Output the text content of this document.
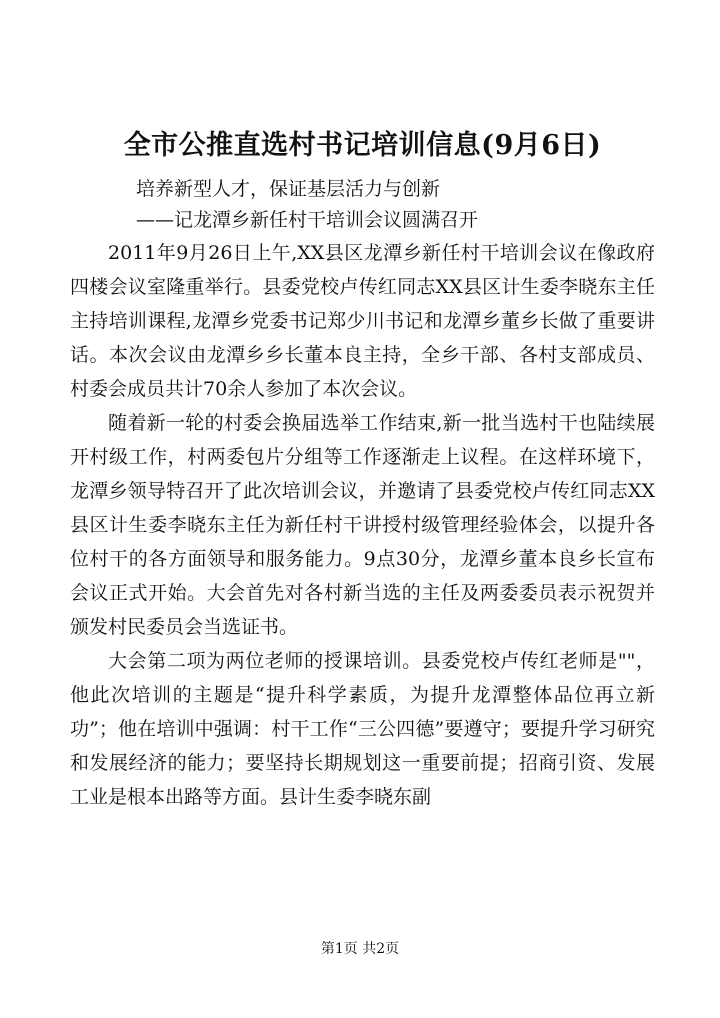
全市公推直选村书记培训信息(9月6日)

培养新型人才，保证基层活力与创新

——记龙潭乡新任村干培训会议圆满召开

2011年9月26日上午,XX县区龙潭乡新任村干培训会议在像政府四楼会议室隆重举行。县委党校卢传红同志XX县区计生委李晓东主任主持培训课程,龙潭乡党委书记郑少川书记和龙潭乡董乡长做了重要讲话。本次会议由龙潭乡乡长董本良主持，全乡干部、各村支部成员、村委会成员共计70余人参加了本次会议。

随着新一轮的村委会换届选举工作结束,新一批当选村干也陆续展开村级工作，村两委包片分组等工作逐渐走上议程。在这样环境下，龙潭乡领导特召开了此次培训会议，并邀请了县委党校卢传红同志XX县区计生委李晓东主任为新任村干讲授村级管理经验体会，以提升各位村干的各方面领导和服务能力。9点30分，龙潭乡董本良乡长宣布会议正式开始。大会首先对各村新当选的主任及两委委员表示祝贺并颁发村民委员会当选证书。

大会第二项为两位老师的授课培训。县委党校卢传红老师是""，他此次培训的主题是“提升科学素质，为提升龙潭整体品位再立新功”；他在培训中强调：村干工作“三公四德”要遵守；要提升学习研究和发展经济的能力；要坚持长期规划这一重要前提；招商引资、发展工业是根本出路等方面。县计生委李晓东副

第1页 共2页
